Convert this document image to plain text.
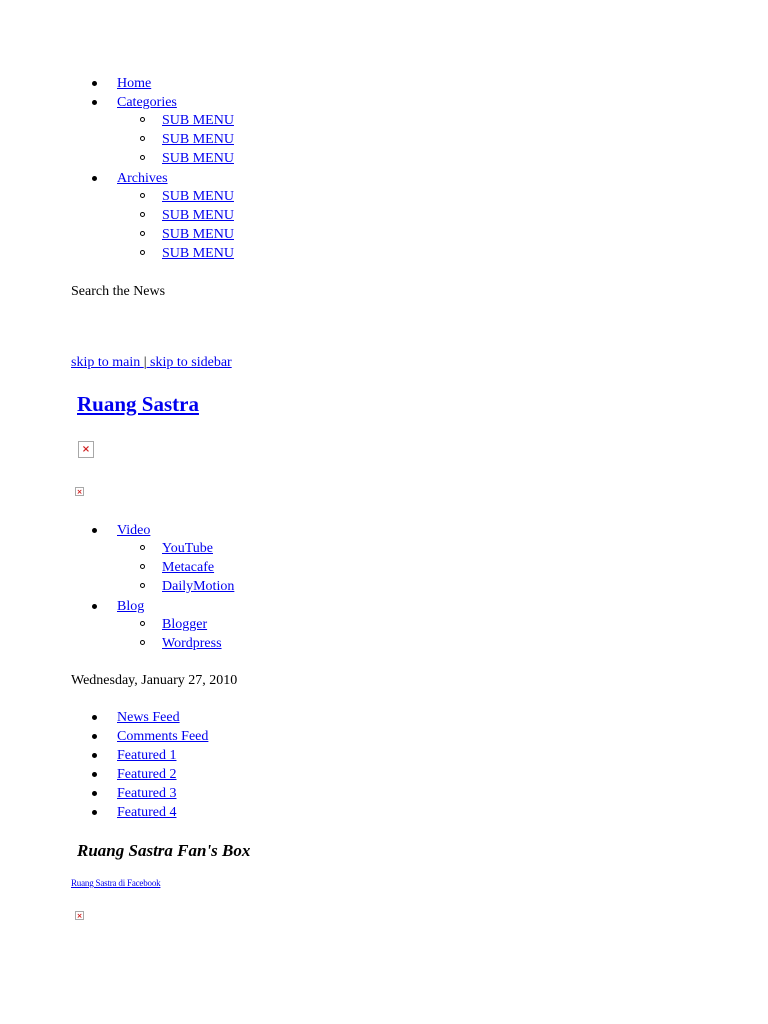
Home
Categories
SUB MENU
SUB MENU
SUB MENU
Archives
SUB MENU
SUB MENU
SUB MENU
SUB MENU
Search the News
skip to main | skip to sidebar
Ruang Sastra
×
×
Video
YouTube
Metacafe
DailyMotion
Blog
Blogger
Wordpress
Wednesday, January 27, 2010
News Feed
Comments Feed
Featured 1
Featured 2
Featured 3
Featured 4
Ruang Sastra Fan's Box
Ruang Sastra di Facebook
×
